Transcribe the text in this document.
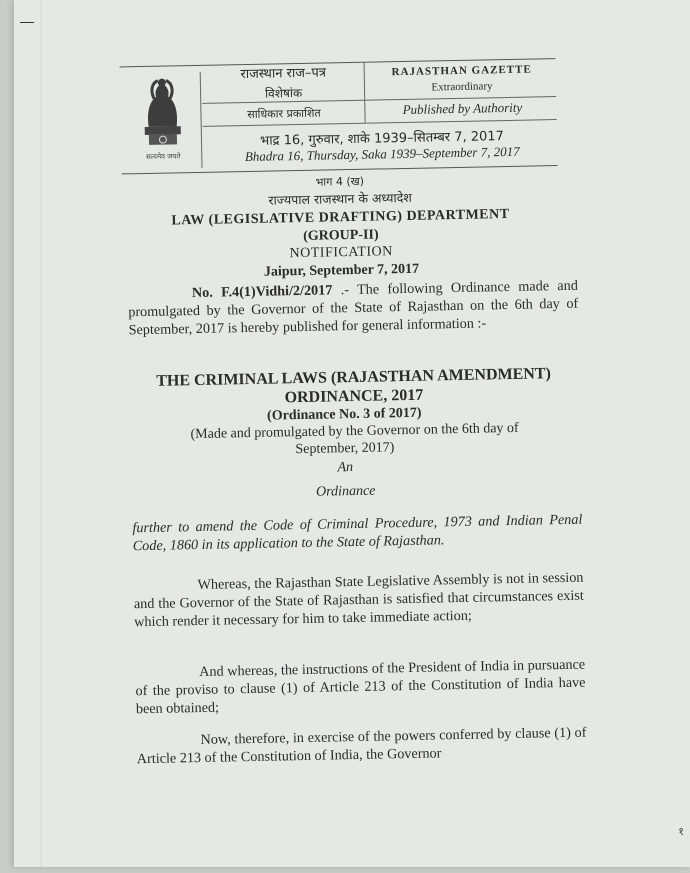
सत्यमेव जयते
राजस्थान राज–पत्र
विशेषांक
RAJASTHAN GAZETTE
Extraordinary
साधिकार प्रकाशित	Published by Authority
भाद्र 16, गुरुवार, शाके 1939–सितम्बर 7, 2017
Bhadra 16, Thursday, Saka 1939–September 7, 2017
भाग 4 (ख)
राज्यपाल राजस्थान के अध्यादेश
LAW (LEGISLATIVE DRAFTING) DEPARTMENT
(GROUP-II)
NOTIFICATION
Jaipur, September 7, 2017
No. F.4(1)Vidhi/2/2017 .- The following Ordinance made and promulgated by the Governor of the State of Rajasthan on the 6th day of September, 2017 is hereby published for general information :-
THE CRIMINAL LAWS (RAJASTHAN AMENDMENT)
ORDINANCE, 2017
(Ordinance No. 3 of 2017)
(Made and promulgated by the Governor on the 6th day of
September, 2017)
An
Ordinance
further to amend the Code of Criminal Procedure, 1973 and Indian Penal Code, 1860 in its application to the State of Rajasthan.
Whereas, the Rajasthan State Legislative Assembly is not in session and the Governor of the State of Rajasthan is satisfied that circumstances exist which render it necessary for him to take immediate action;
And whereas, the instructions of the President of India in pursuance of the proviso to clause (1) of Article 213 of the Constitution of India have been obtained;
Now, therefore, in exercise of the powers conferred by clause (1) of Article 213 of the Constitution of India, the Governor
१
